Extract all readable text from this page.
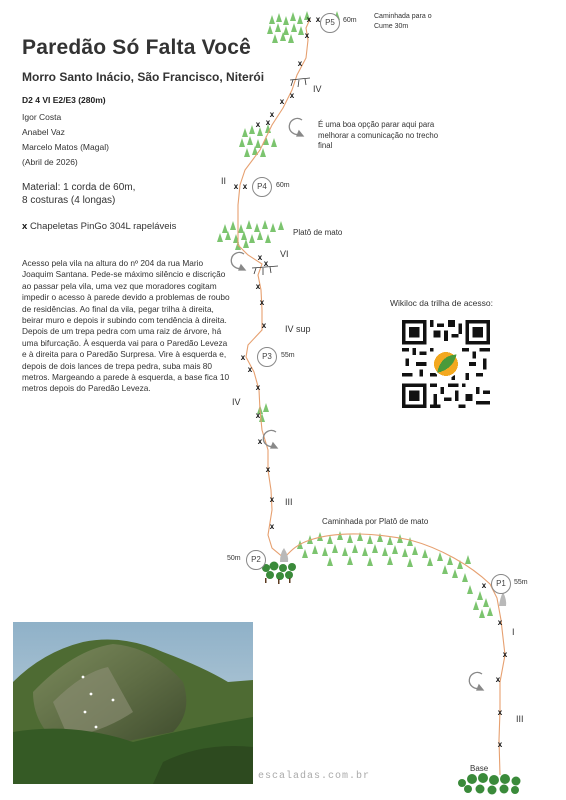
Paredão Só Falta Você
Morro Santo Inácio, São Francisco, Niterói
D2 4 VI E2/E3 (280m)
Igor Costa
Anabel Vaz
Marcelo Matos (Magal)
(Abril de 2026)
Material: 1 corda de 60m,
8 costuras (4 longas)
x Chapeletas PinGo 304L rapeláveis
Acesso pela vila na altura do nº 204 da rua Mario Joaquim Santana. Pede-se máximo silêncio e discrição ao passar pela vila, uma vez que moradores cogitam impedir o acesso à parede devido a problemas de roubo de residências. Ao final da vila, pegar trilha à direita, beirar muro e depois ir subindo com tendência à direita. Depois de um trepa pedra com uma raiz de árvore, há uma bifurcação. À esquerda vai para o Paredão Leveza e à direita para o Paredão Surpresa. Vire à esquerda e, depois de dois lances de trepa pedra, suba mais 80 metros. Margeando a parede à esquerda, a base fica 10 metros depois do Paredão Leveza.
Wikiloc da trilha de acesso:
x
x
x
x
x
x
x
x
x
x
x
x
x
x
x
x
x
x
x
x x
x x
x
x
x
x
x
x x P5	60m
P4	60m
P3	55m
P2
50m
P1	55m
IV
II
VI
IV sup
IV
III
I
III
Caminhada para o Cume 30m
É uma boa opção parar aqui para melhorar a comunicação no trecho final
Platô de mato
Caminhada por Platô de mato
Base
escaladas.com.br
